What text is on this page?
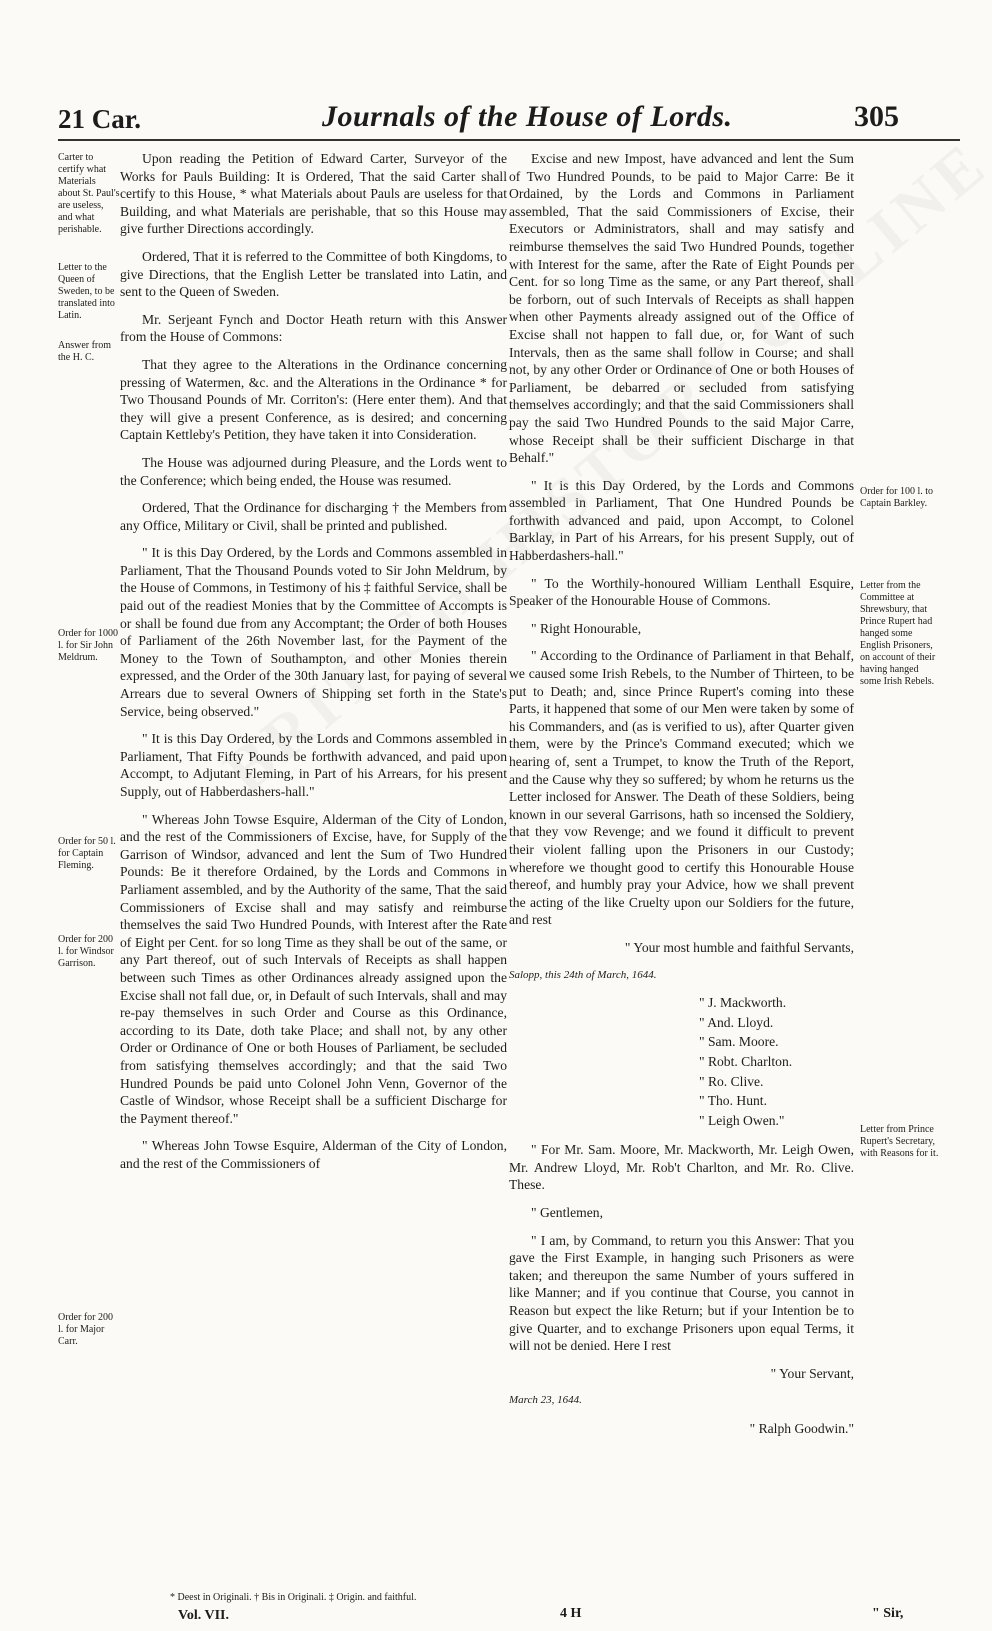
21 Car.	Journals of the House of Lords.	305
Carter to certify what Materials about St. Paul's are useless, and what perishable.
Letter to the Queen of Sweden, to be translated into Latin.
Answer from the H. C.
Order for 1000 l. for Sir John Meldrum.
Order for 50 l. for Captain Fleming.
Order for 200 l. for Windsor Garrison.
Order for 200 l. for Major Carr.
Order for 100 l. to Captain Barkley.
Letter from the Committee at Shrewsbury, that Prince Rupert had hanged some English Prisoners, on account of their having hanged some Irish Rebels.
Letter from Prince Rupert's Secretary, with Reasons for it.

Upon reading the Petition of Edward Carter, Surveyor of the Works for Pauls Building: It is Ordered, That the said Carter shall certify to this House, * what Materials about Pauls are useless for that Building, and what Materials are perishable, that so this House may give further Directions accordingly.

Ordered, That it is referred to the Committee of both Kingdoms, to give Directions, that the English Letter be translated into Latin, and sent to the Queen of Sweden.

Mr. Serjeant Fynch and Doctor Heath return with this Answer from the House of Commons:

That they agree to the Alterations in the Ordinance concerning pressing of Watermen, &c. and the Alterations in the Ordinance * for Two Thousand Pounds of Mr. Corriton's: (Here enter them). And that they will give a present Conference, as is desired; and concerning Captain Kettleby's Petition, they have taken it into Consideration.

The House was adjourned during Pleasure, and the Lords went to the Conference; which being ended, the House was resumed.

Ordered, That the Ordinance for discharging † the Members from any Office, Military or Civil, shall be printed and published.

" It is this Day Ordered, by the Lords and Commons assembled in Parliament, That the Thousand Pounds voted to Sir John Meldrum, by the House of Commons, in Testimony of his ‡ faithful Service, shall be paid out of the readiest Monies that by the Committee of Accompts is or shall be found due from any Accomptant; the Order of both Houses of Parliament of the 26th November last, for the Payment of the Money to the Town of Southampton, and other Monies therein expressed, and the Order of the 30th January last, for paying of several Arrears due to several Owners of Shipping set forth in the State's Service, being observed."

" It is this Day Ordered, by the Lords and Commons assembled in Parliament, That Fifty Pounds be forthwith advanced, and paid upon Accompt, to Adjutant Fleming, in Part of his Arrears, for his present Supply, out of Habberdashers-hall."

" Whereas John Towse Esquire, Alderman of the City of London, and the rest of the Commissioners of Excise, have, for Supply of the Garrison of Windsor, advanced and lent the Sum of Two Hundred Pounds: Be it therefore Ordained, by the Lords and Commons in Parliament assembled, and by the Authority of the same, That the said Commissioners of Excise shall and may satisfy and reimburse themselves the said Two Hundred Pounds, with Interest after the Rate of Eight per Cent. for so long Time as they shall be out of the same, or any Part thereof, out of such Intervals of Receipts as shall happen between such Times as other Ordinances already assigned upon the Excise shall not fall due, or, in Default of such Intervals, shall and may re-pay themselves in such Order and Course as this Ordinance, according to its Date, doth take Place; and shall not, by any other Order or Ordinance of One or both Houses of Parliament, be secluded from satisfying themselves accordingly; and that the said Two Hundred Pounds be paid unto Colonel John Venn, Governor of the Castle of Windsor, whose Receipt shall be a sufficient Discharge for the Payment thereof."

" Whereas John Towse Esquire, Alderman of the City of London, and the rest of the Commissioners of

Excise and new Impost, have advanced and lent the Sum of Two Hundred Pounds, to be paid to Major Carre: Be it Ordained, by the Lords and Commons in Parliament assembled, That the said Commissioners of Excise, their Executors or Administrators, shall and may satisfy and reimburse themselves the said Two Hundred Pounds, together with Interest for the same, after the Rate of Eight Pounds per Cent. for so long Time as the same, or any Part thereof, shall be forborn, out of such Intervals of Receipts as shall happen when other Payments already assigned out of the Office of Excise shall not happen to fall due, or, for Want of such Intervals, then as the same shall follow in Course; and shall not, by any other Order or Ordinance of One or both Houses of Parliament, be debarred or secluded from satisfying themselves accordingly; and that the said Commissioners shall pay the said Two Hundred Pounds to the said Major Carre, whose Receipt shall be their sufficient Discharge in that Behalf."

" It is this Day Ordered, by the Lords and Commons assembled in Parliament, That One Hundred Pounds be forthwith advanced and paid, upon Accompt, to Colonel Barklay, in Part of his Arrears, for his present Supply, out of Habberdashers-hall."

" To the Worthily-honoured William Lenthall Esquire, Speaker of the Honourable House of Commons.

" Right Honourable,

" According to the Ordinance of Parliament in that Behalf, we caused some Irish Rebels, to the Number of Thirteen, to be put to Death; and, since Prince Rupert's coming into these Parts, it happened that some of our Men were taken by some of his Commanders, and (as is verified to us), after Quarter given them, were by the Prince's Command executed; which we hearing of, sent a Trumpet, to know the Truth of the Report, and the Cause why they so suffered; by whom he returns us the Letter inclosed for Answer. The Death of these Soldiers, being known in our several Garrisons, hath so incensed the Soldiery, that they vow Revenge; and we found it difficult to prevent their violent falling upon the Prisoners in our Custody; wherefore we thought good to certify this Honourable House thereof, and humbly pray your Advice, how we shall prevent the acting of the like Cruelty upon our Soldiers for the future, and rest

" Your most humble and faithful Servants,

Salopp, this 24th of March, 1644.

" J. Mackworth.

" And. Lloyd.

" Sam. Moore.

" Robt. Charlton.

" Ro. Clive.

" Tho. Hunt.

" Leigh Owen."

" For Mr. Sam. Moore, Mr. Mackworth, Mr. Leigh Owen, Mr. Andrew Lloyd, Mr. Rob't Charlton, and Mr. Ro. Clive. These.

" Gentlemen,

" I am, by Command, to return you this Answer: That you gave the First Example, in hanging such Prisoners as were taken; and thereupon the same Number of yours suffered in like Manner; and if you continue that Course, you cannot in Reason but expect the like Return; but if your Intention be to give Quarter, and to exchange Prisoners upon equal Terms, it will not be denied. Here I rest

" Your Servant,

March 23, 1644.

" Ralph Goodwin."

* Deest in Originali. † Bis in Originali. ‡ Origin. and faithful.
Vol. VII.	4 H	" Sir,
